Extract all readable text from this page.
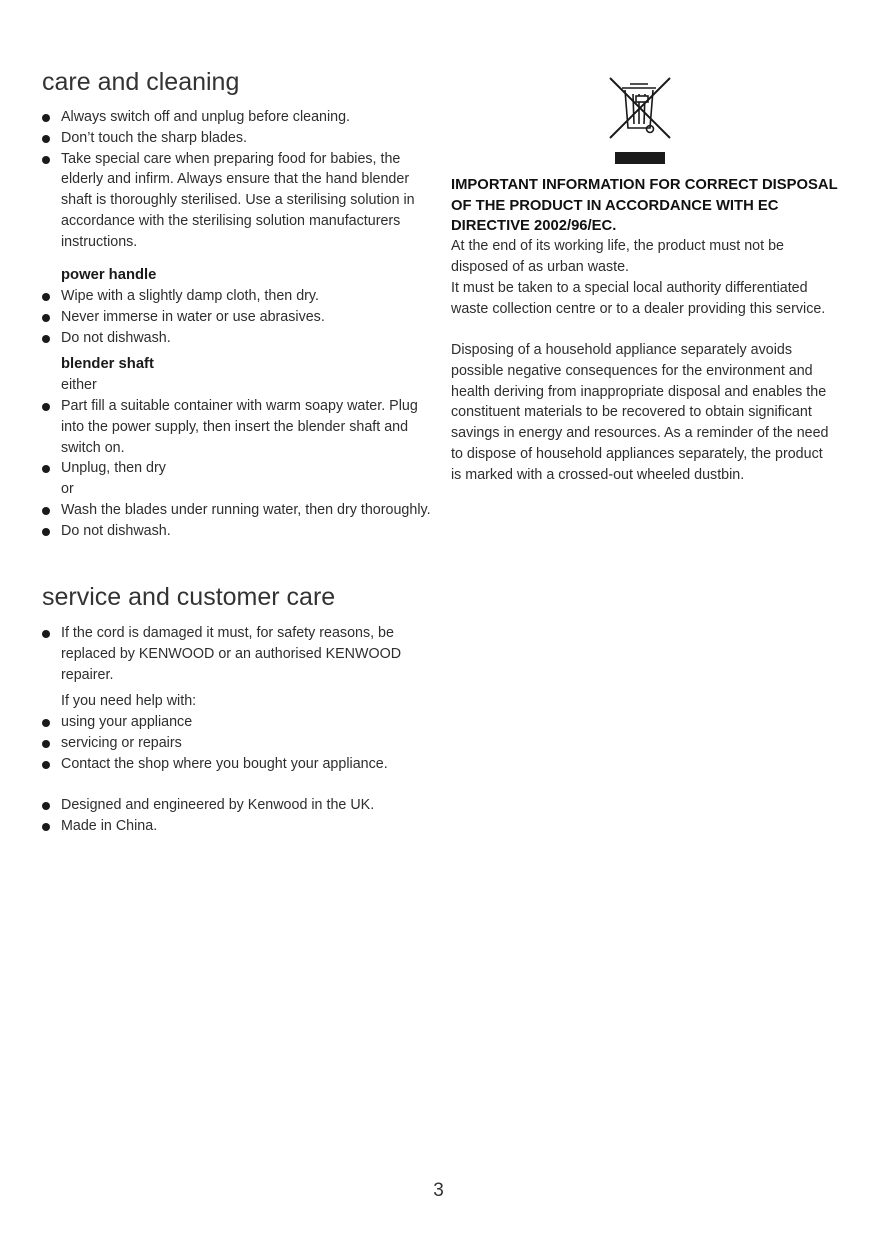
care and cleaning
Always switch off and unplug before cleaning.
Don’t touch the sharp blades.
Take special care when preparing food for babies, the elderly and infirm. Always ensure that the hand blender shaft is thoroughly sterilised. Use a sterilising solution in accordance with the sterilising solution manufacturers instructions.
power handle
Wipe with a slightly damp cloth, then dry.
Never immerse in water or use abrasives.
Do not dishwash.
blender shaft
either
Part fill a suitable container with warm soapy water. Plug into the power supply, then insert the blender shaft and switch on.
Unplug, then dry
or
Wash the blades under running water, then dry thoroughly.
Do not dishwash.
service and customer care
If the cord is damaged it must, for safety reasons, be replaced by KENWOOD or an authorised KENWOOD repairer.
If you need help with:
using your appliance
servicing or repairs
Contact the shop where you bought your appliance.
Designed and engineered by Kenwood in the UK.
Made in China.
IMPORTANT INFORMATION FOR CORRECT DISPOSAL OF THE PRODUCT IN ACCORDANCE WITH EC DIRECTIVE 2002/96/EC.
At the end of its working life, the product must not be disposed of as urban waste.
It must be taken to a special local authority differentiated waste collection centre or to a dealer providing this service.
Disposing of a household appliance separately avoids possible negative consequences for the environment and health deriving from inappropriate disposal and enables the constituent materials to be recovered to obtain significant savings in energy and resources. As a reminder of the need to dispose of household appliances separately, the product is marked with a crossed-out wheeled dustbin.
3
